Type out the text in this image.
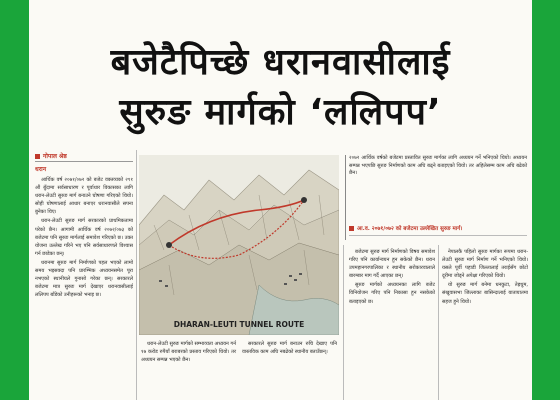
बजेटैपिच्छे धरानवासीलाई
सुरुङ मार्गको ‘ललिपप’
गोपाल श्रेष्ठ
धरान

आर्थिक वर्ष २०७१/०७२ को बजेट वक्तव्यको २९१ औं बुँदामा सर्वसाधारण र पूर्वाधार विकासका लागि धरान-लेउटी सुरुङ मार्ग बनाउने घोषणा गरिएको थियो। सोही घोषणालाई आधार बनाएर धरानवासीले सपना बुनेका थिए।

धरान-लेउटी सुरुङ मार्ग सरकारको प्राथमिकतामा परेको छैन। आगामी आर्थिक वर्ष २०७२/०७३ को बजेटमा पनि सुरुङ मार्गलाई समावेश गरिएको छ। उक्त योजना उल्लेख गरिने भए पनि सर्वसाधारणले विश्वास गर्न छाडेका छन्।

धरानमा सुरुङ मार्ग निर्माणको पहल भएको लामो समय भइसक्दा पनि प्रारम्भिक अध्ययनसमेत पूरा नभएको स्थानीयले गुनासो गरेका छन्। सरकारले बजेटमा मात्र सुरुङ मार्ग देखाएर धरानवासीलाई ललिपप बाँडेको उनीहरूको भनाइ छ।

DHARAN-LEUTI TUNNEL ROUTE

धरान-लेउटी सुरुङ मार्गको सम्भाव्यता अध्ययन गर्न १७ करोड रुपैयाँ बराबरको प्रस्ताव गरिएको थियो। तर अध्ययन सम्पन्न भएको छैन।

सरकारले सुरुङ मार्ग बनाउन रुचि देखाए पनि वास्तविक काम अघि नबढेको स्थानीय बताउँछन्।

२०७२ आर्थिक वर्षको बजेटमा प्रस्तावित सुरुङ मार्गका लागि अध्ययन गर्ने भनिएको थियो। अध्ययन सम्पन्न भएपछि सुरुङ निर्माणको काम अघि बढ्ने बताइएको थियो। तर अहिलेसम्म काम अघि बढेको छैन।
आ.व. २०७१/०७२ को बजेटमा उल्लेखित सुरुङ मार्ग।

बजेटमा सुरुङ मार्ग निर्माणको विषय समावेश गरिए पनि कार्यान्वयन हुन सकेको छैन। धरान उपमहानगरपालिका र स्थानीय सरोकारवालाले बारम्बार माग गर्दै आएका छन्।

सुरुङ मार्गको अध्ययनका लागि बजेट विनियोजन गरिए पनि निकासा हुन नसकेको बताइएको छ।

नेपालकै पहिलो सुरुङ मार्गका रूपमा धरान-लेउटी सुरुङ मार्ग निर्माण गर्ने भनिएको थियो। यसले पूर्वी पहाडी जिल्लालाई तराईसँग छोटो दूरीमा जोड्ने अपेक्षा गरिएको थियो।

यो सुरुङ मार्ग बनेमा धनकुटा, तेह्रथुम, संखुवासभा जिल्लाका बासिन्दालाई यातायातमा सहज हुने थियो।
